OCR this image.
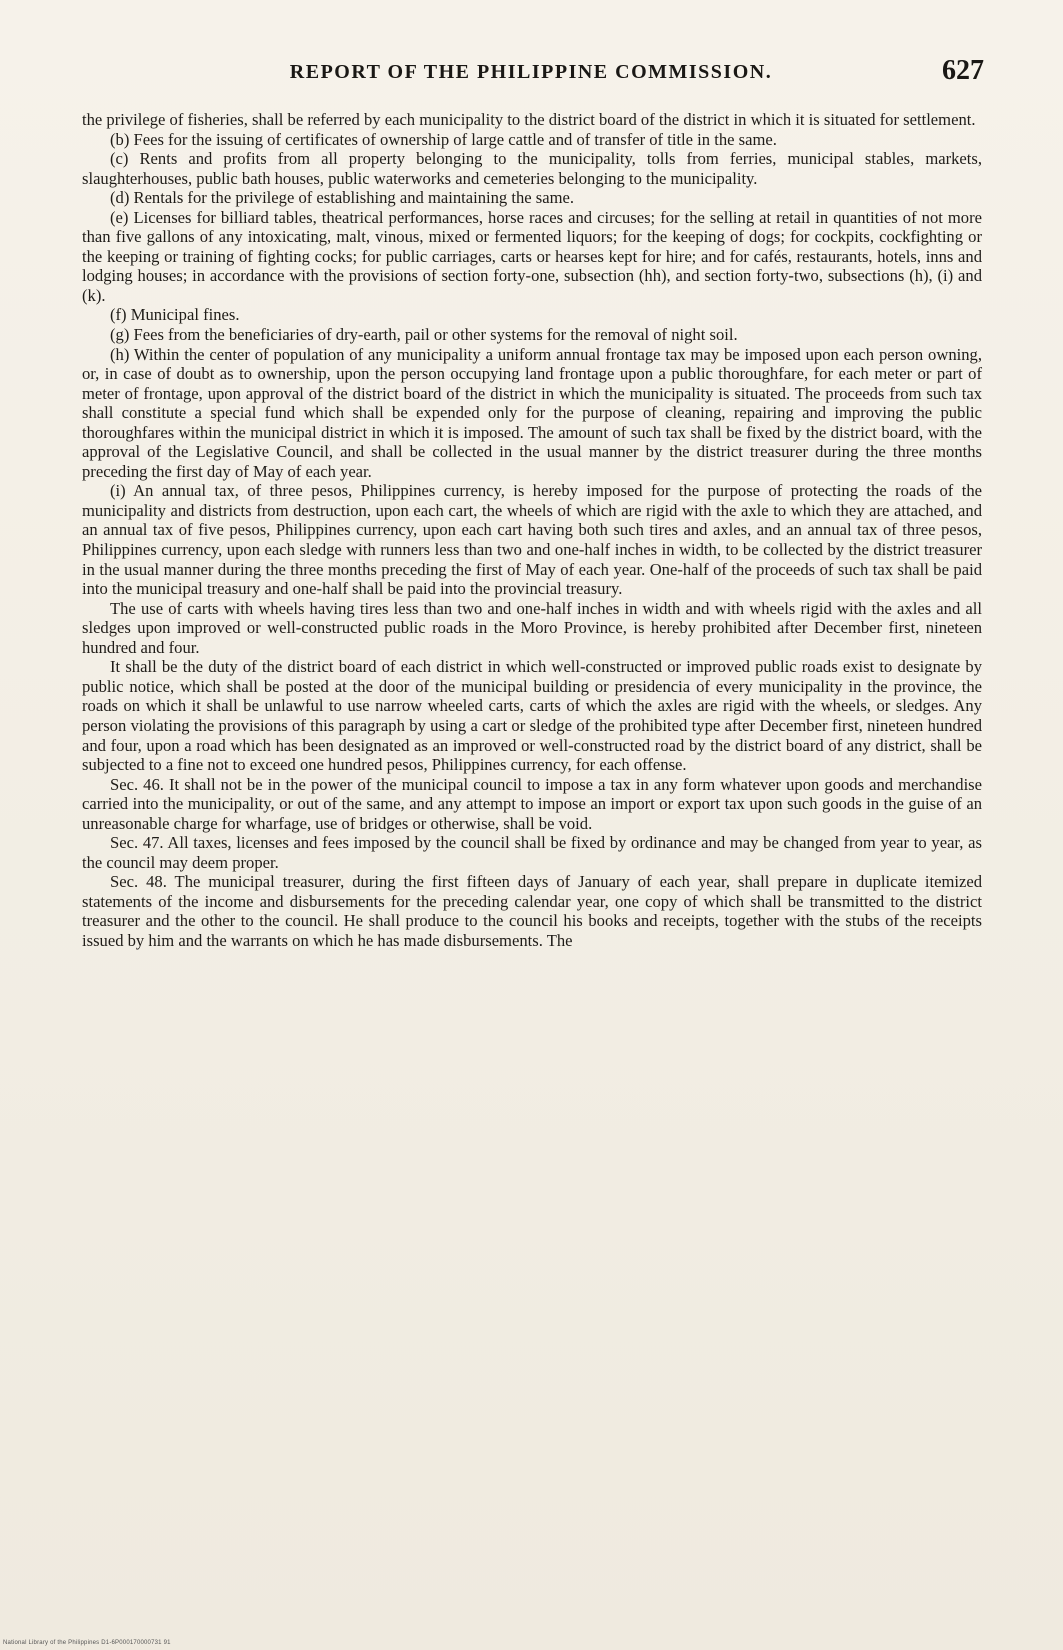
REPORT OF THE PHILIPPINE COMMISSION.	627

the privilege of fisheries, shall be referred by each municipality to the district board of the district in which it is situated for settlement.

(b) Fees for the issuing of certificates of ownership of large cattle and of transfer of title in the same.

(c) Rents and profits from all property belonging to the municipality, tolls from ferries, municipal stables, markets, slaughterhouses, public bath houses, public waterworks and cemeteries belonging to the municipality.

(d) Rentals for the privilege of establishing and maintaining the same.

(e) Licenses for billiard tables, theatrical performances, horse races and circuses; for the selling at retail in quantities of not more than five gallons of any intoxicating, malt, vinous, mixed or fermented liquors; for the keeping of dogs; for cockpits, cockfighting or the keeping or training of fighting cocks; for public carriages, carts or hearses kept for hire; and for cafés, restaurants, hotels, inns and lodging houses; in accordance with the provisions of section forty-one, subsection (hh), and section forty-two, subsections (h), (i) and (k).

(f) Municipal fines.

(g) Fees from the beneficiaries of dry-earth, pail or other systems for the removal of night soil.

(h) Within the center of population of any municipality a uniform annual frontage tax may be imposed upon each person owning, or, in case of doubt as to ownership, upon the person occupying land frontage upon a public thoroughfare, for each meter or part of meter of frontage, upon approval of the district board of the district in which the municipality is situated. The proceeds from such tax shall constitute a special fund which shall be expended only for the purpose of cleaning, repairing and improving the public thoroughfares within the municipal district in which it is imposed. The amount of such tax shall be fixed by the district board, with the approval of the Legislative Council, and shall be collected in the usual manner by the district treasurer during the three months preceding the first day of May of each year.

(i) An annual tax, of three pesos, Philippines currency, is hereby imposed for the purpose of protecting the roads of the municipality and districts from destruction, upon each cart, the wheels of which are rigid with the axle to which they are attached, and an annual tax of five pesos, Philippines currency, upon each cart having both such tires and axles, and an annual tax of three pesos, Philippines currency, upon each sledge with runners less than two and one-half inches in width, to be collected by the district treasurer in the usual manner during the three months preceding the first of May of each year. One-half of the proceeds of such tax shall be paid into the municipal treasury and one-half shall be paid into the provincial treasury.

The use of carts with wheels having tires less than two and one-half inches in width and with wheels rigid with the axles and all sledges upon improved or well-constructed public roads in the Moro Province, is hereby prohibited after December first, nineteen hundred and four.

It shall be the duty of the district board of each district in which well-constructed or improved public roads exist to designate by public notice, which shall be posted at the door of the municipal building or presidencia of every municipality in the province, the roads on which it shall be unlawful to use narrow wheeled carts, carts of which the axles are rigid with the wheels, or sledges. Any person violating the provisions of this paragraph by using a cart or sledge of the prohibited type after December first, nineteen hundred and four, upon a road which has been designated as an improved or well-constructed road by the district board of any district, shall be subjected to a fine not to exceed one hundred pesos, Philippines currency, for each offense.

Sec. 46. It shall not be in the power of the municipal council to impose a tax in any form whatever upon goods and merchandise carried into the municipality, or out of the same, and any attempt to impose an import or export tax upon such goods in the guise of an unreasonable charge for wharfage, use of bridges or otherwise, shall be void.

Sec. 47. All taxes, licenses and fees imposed by the council shall be fixed by ordinance and may be changed from year to year, as the council may deem proper.

Sec. 48. The municipal treasurer, during the first fifteen days of January of each year, shall prepare in duplicate itemized statements of the income and disbursements for the preceding calendar year, one copy of which shall be transmitted to the district treasurer and the other to the council. He shall produce to the council his books and receipts, together with the stubs of the receipts issued by him and the warrants on which he has made disbursements. The

National Library of the Philippines D1-6P000170000731 91
